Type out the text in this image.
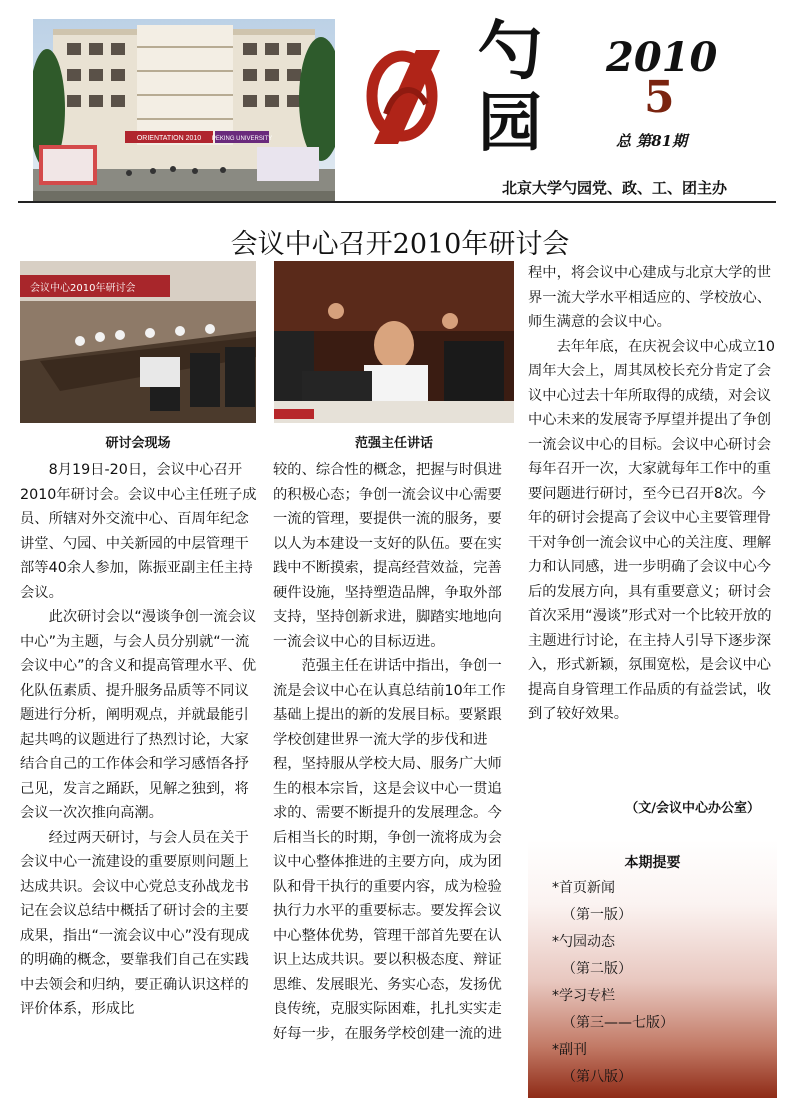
ORIENTATION 2010 PEKING UNIVERSITY
勺
园
2010
5
总 第81期
北京大学勺园党、政、工、团主办
会议中心召开2010年研讨会
会议中心2010年研讨会
研讨会现场	范强主任讲话

8月19日-20日，会议中心召开2010年研讨会。会议中心主任班子成员、所辖对外交流中心、百周年纪念讲堂、勺园、中关新园的中层管理干部等40余人参加，陈振亚副主任主持会议。

此次研讨会以“漫谈争创一流会议中心”为主题，与会人员分别就“一流会议中心”的含义和提高管理水平、优化队伍素质、提升服务品质等不同议题进行分析，阐明观点，并就最能引起共鸣的议题进行了热烈讨论，大家结合自己的工作体会和学习感悟各抒己见，发言之踊跃，见解之独到，将会议一次次推向高潮。

经过两天研讨，与会人员在关于会议中心一流建设的重要原则问题上达成共识。会议中心党总支孙战龙书记在会议总结中概括了研讨会的主要成果，指出“一流会议中心”没有现成的明确的概念，要靠我们自己在实践中去领会和归纳，要正确认识这样的评价体系，形成比

较的、综合性的概念，把握与时俱进的积极心态；争创一流会议中心需要一流的管理，要提供一流的服务，要以人为本建设一支好的队伍。要在实践中不断摸索，提高经营效益，完善硬件设施，坚持塑造品牌，争取外部支持，坚持创新求进，脚踏实地地向一流会议中心的目标迈进。

范强主任在讲话中指出，争创一流是会议中心在认真总结前10年工作基础上提出的新的发展目标。要紧跟学校创建世界一流大学的步伐和进程，坚持服从学校大局、服务广大师生的根本宗旨，这是会议中心一贯追求的、需要不断提升的发展理念。今后相当长的时期，争创一流将成为会议中心整体推进的主要方向，成为团队和骨干执行的重要内容，成为检验执行力水平的重要标志。要发挥会议中心整体优势，管理干部首先要在认识上达成共识。要以积极态度、辩证思维、发展眼光、务实心态，发扬优良传统，克服实际困难，扎扎实实走好每一步，在服务学校创建一流的进

程中，将会议中心建成与北京大学的世界一流大学水平相适应的、学校放心、师生满意的会议中心。

去年年底，在庆祝会议中心成立10周年大会上，周其凤校长充分肯定了会议中心过去十年所取得的成绩，对会议中心未来的发展寄予厚望并提出了争创一流会议中心的目标。会议中心研讨会每年召开一次，大家就每年工作中的重要问题进行研讨，至今已召开8次。今年的研讨会提高了会议中心主要管理骨干对争创一流会议中心的关注度、理解力和认同感，进一步明确了会议中心今后的发展方向，具有重要意义；研讨会首次采用“漫谈”形式对一个比较开放的主题进行讨论，在主持人引导下逐步深入，形式新颖，氛围宽松，是会议中心提高自身管理工作品质的有益尝试，收到了较好效果。

（文/会议中心办公室）
本期提要
*首页新闻
（第一版）
*勺园动态
（第二版）
*学习专栏
（第三——七版）
*副刊
（第八版）
